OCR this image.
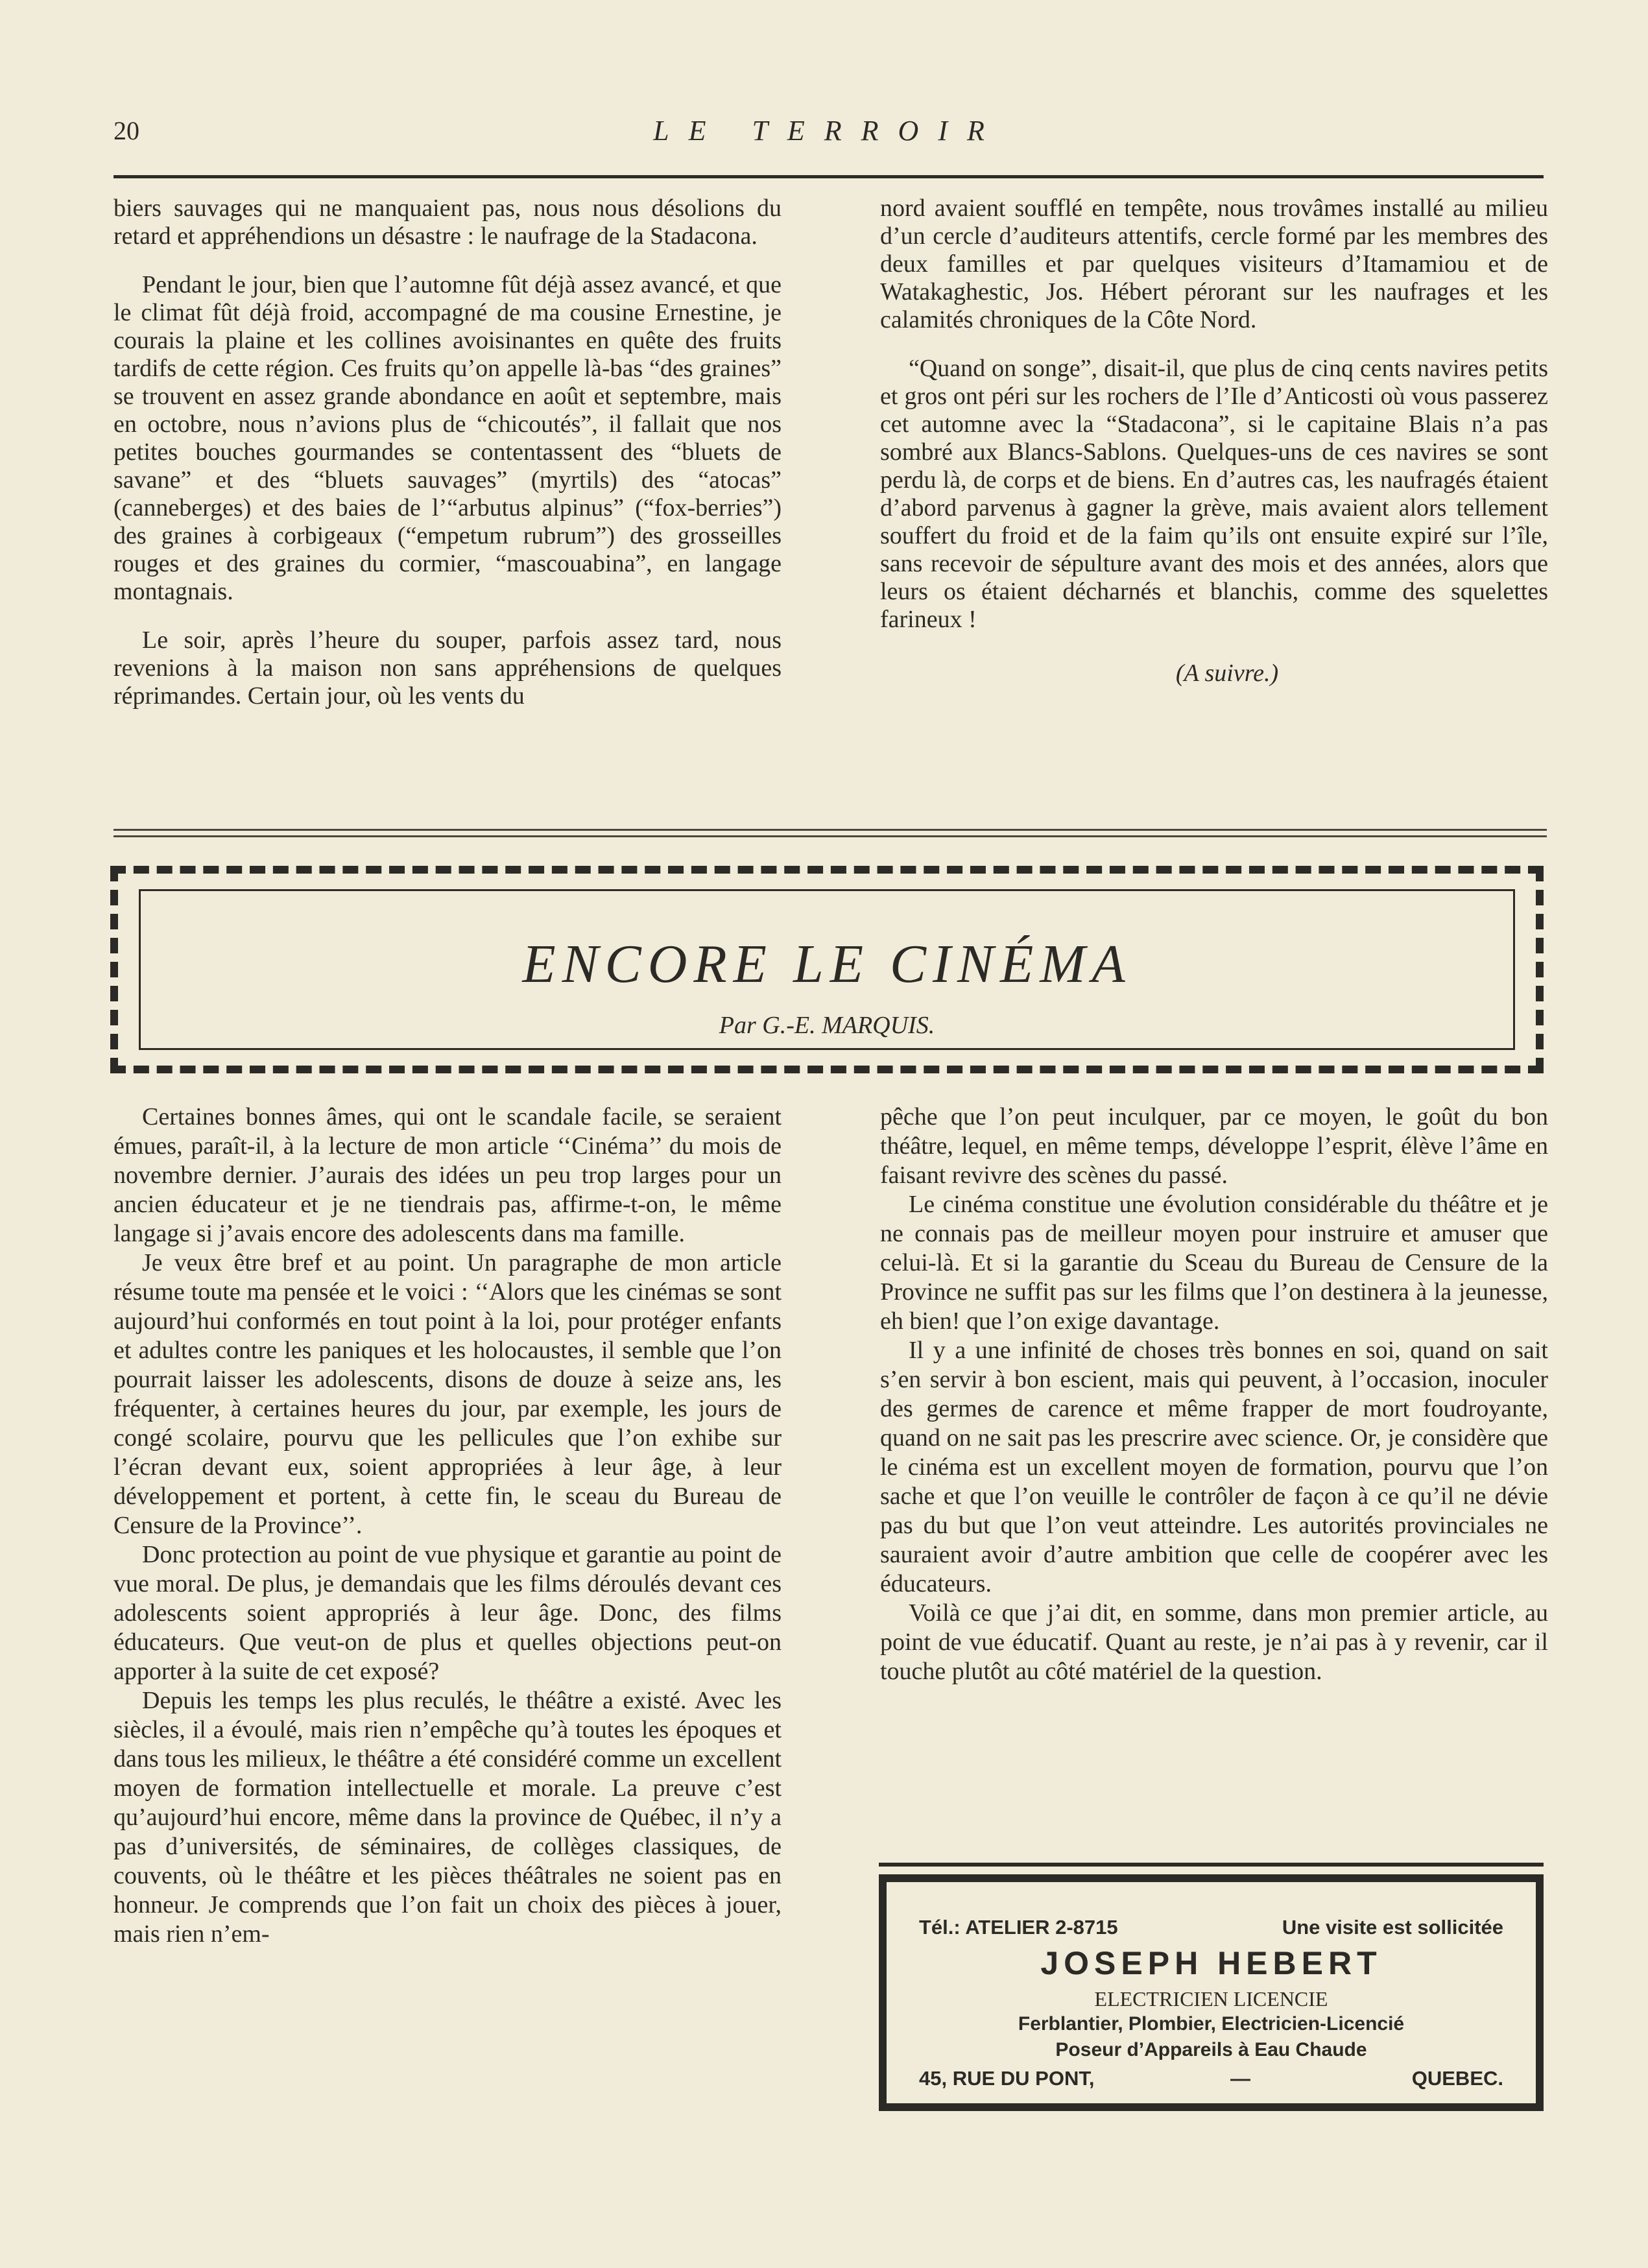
20	LE TERROIR

biers sauvages qui ne manquaient pas, nous nous désolions du retard et appréhendions un désastre : le naufrage de la Stadacona.

Pendant le jour, bien que l’automne fût déjà assez avancé, et que le climat fût déjà froid, accompagné de ma cousine Ernestine, je courais la plaine et les collines avoisinantes en quête des fruits tardifs de cette région. Ces fruits qu’on appelle là-bas “des graines” se trouvent en assez grande abondance en août et septembre, mais en octobre, nous n’avions plus de “chicoutés”, il fallait que nos petites bouches gourmandes se contentassent des “bluets de savane” et des “bluets sauvages” (myrtils) des “atocas” (canneberges) et des baies de l’“arbutus alpinus” (“fox-berries”) des graines à corbigeaux (“empetum rubrum”) des grosseilles rouges et des graines du cormier, “mascouabina”, en langage montagnais.

Le soir, après l’heure du souper, parfois assez tard, nous revenions à la maison non sans appréhensions de quelques réprimandes. Certain jour, où les vents du

nord avaient soufflé en tempête, nous trovâmes installé au milieu d’un cercle d’auditeurs attentifs, cercle formé par les membres des deux familles et par quelques visiteurs d’Itamamiou et de Watakaghestic, Jos. Hébert pérorant sur les naufrages et les calamités chroniques de la Côte Nord.

“Quand on songe”, disait-il, que plus de cinq cents navires petits et gros ont péri sur les rochers de l’Ile d’Anticosti où vous passerez cet automne avec la “Stadacona”, si le capitaine Blais n’a pas sombré aux Blancs-Sablons. Quelques-uns de ces navires se sont perdu là, de corps et de biens. En d’autres cas, les naufragés étaient d’abord parvenus à gagner la grève, mais avaient alors tellement souffert du froid et de la faim qu’ils ont ensuite expiré sur l’île, sans recevoir de sépulture avant des mois et des années, alors que leurs os étaient décharnés et blanchis, comme des squelettes farineux !

(A suivre.)

ENCORE LE CINÉMA
Par G.-E. MARQUIS.

Certaines bonnes âmes, qui ont le scandale facile, se seraient émues, paraît-il, à la lecture de mon article ‘‘Cinéma’’ du mois de novembre dernier. J’aurais des idées un peu trop larges pour un ancien éducateur et je ne tiendrais pas, affirme-t-on, le même langage si j’avais encore des adolescents dans ma famille.

Je veux être bref et au point. Un paragraphe de mon article résume toute ma pensée et le voici : ‘‘Alors que les cinémas se sont aujourd’hui conformés en tout point à la loi, pour protéger enfants et adultes contre les paniques et les holocaustes, il semble que l’on pourrait laisser les adolescents, disons de douze à seize ans, les fréquenter, à certaines heures du jour, par exemple, les jours de congé scolaire, pourvu que les pellicules que l’on exhibe sur l’écran devant eux, soient appropriées à leur âge, à leur développement et portent, à cette fin, le sceau du Bureau de Censure de la Province’’.

Donc protection au point de vue physique et garantie au point de vue moral. De plus, je demandais que les films déroulés devant ces adolescents soient appropriés à leur âge. Donc, des films éducateurs. Que veut-on de plus et quelles objections peut-on apporter à la suite de cet exposé?

Depuis les temps les plus reculés, le théâtre a existé. Avec les siècles, il a évoulé, mais rien n’empêche qu’à toutes les époques et dans tous les milieux, le théâtre a été considéré comme un excellent moyen de formation intellectuelle et morale. La preuve c’est qu’aujourd’hui encore, même dans la province de Québec, il n’y a pas d’universités, de séminaires, de collèges classiques, de couvents, où le théâtre et les pièces théâtrales ne soient pas en honneur. Je comprends que l’on fait un choix des pièces à jouer, mais rien n’em-

pêche que l’on peut inculquer, par ce moyen, le goût du bon théâtre, lequel, en même temps, développe l’esprit, élève l’âme en faisant revivre des scènes du passé.

Le cinéma constitue une évolution considérable du théâtre et je ne connais pas de meilleur moyen pour instruire et amuser que celui-là. Et si la garantie du Sceau du Bureau de Censure de la Province ne suffit pas sur les films que l’on destinera à la jeunesse, eh bien! que l’on exige davantage.

Il y a une infinité de choses très bonnes en soi, quand on sait s’en servir à bon escient, mais qui peuvent, à l’occasion, inoculer des germes de carence et même frapper de mort foudroyante, quand on ne sait pas les prescrire avec science. Or, je considère que le cinéma est un excellent moyen de formation, pourvu que l’on sache et que l’on veuille le contrôler de façon à ce qu’il ne dévie pas du but que l’on veut atteindre. Les autorités provinciales ne sauraient avoir d’autre ambition que celle de coopérer avec les éducateurs.

Voilà ce que j’ai dit, en somme, dans mon premier article, au point de vue éducatif. Quant au reste, je n’ai pas à y revenir, car il touche plutôt au côté matériel de la question.

Tél.: ATELIER 2-8715	Une visite est sollicitée
JOSEPH HEBERT
ELECTRICIEN LICENCIE
Ferblantier, Plombier, Electricien-Licencié
Poseur d’Appareils à Eau Chaude
45, RUE DU PONT,	—	QUEBEC.
